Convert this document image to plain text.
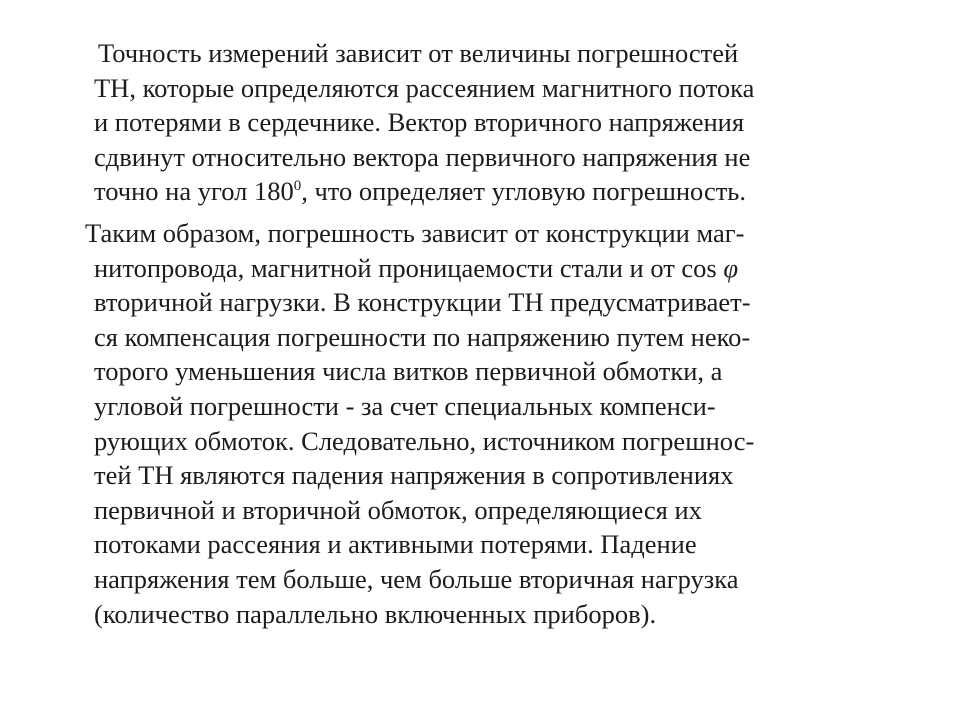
Точность измерений зависит от величины погрешностей
ТН, которые определяются рассеянием магнитного потока
и потерями в сердечнике. Вектор вторичного напряжения
сдвинут относительно вектора первичного напряжения не
точно на угол $180^0$, что определяет угловую погрешность.

Таким образом, погрешность зависит от конструкции маг-
нитопровода, магнитной проницаемости стали и от cos φ
вторичной нагрузки. В конструкции ТН предусматривает-
ся компенсация погрешности по напряжению путем неко-
торого уменьшения числа витков первичной обмотки, а
угловой погрешности - за счет специальных компенси-
рующих обмоток. Следовательно, источником погрешнос-
тей ТН являются падения напряжения в сопротивлениях
первичной и вторичной обмоток, определяющиеся их
потоками рассеяния и активными потерями. Падение
напряжения тем больше, чем больше вторичная нагрузка
(количество параллельно включенных приборов).
